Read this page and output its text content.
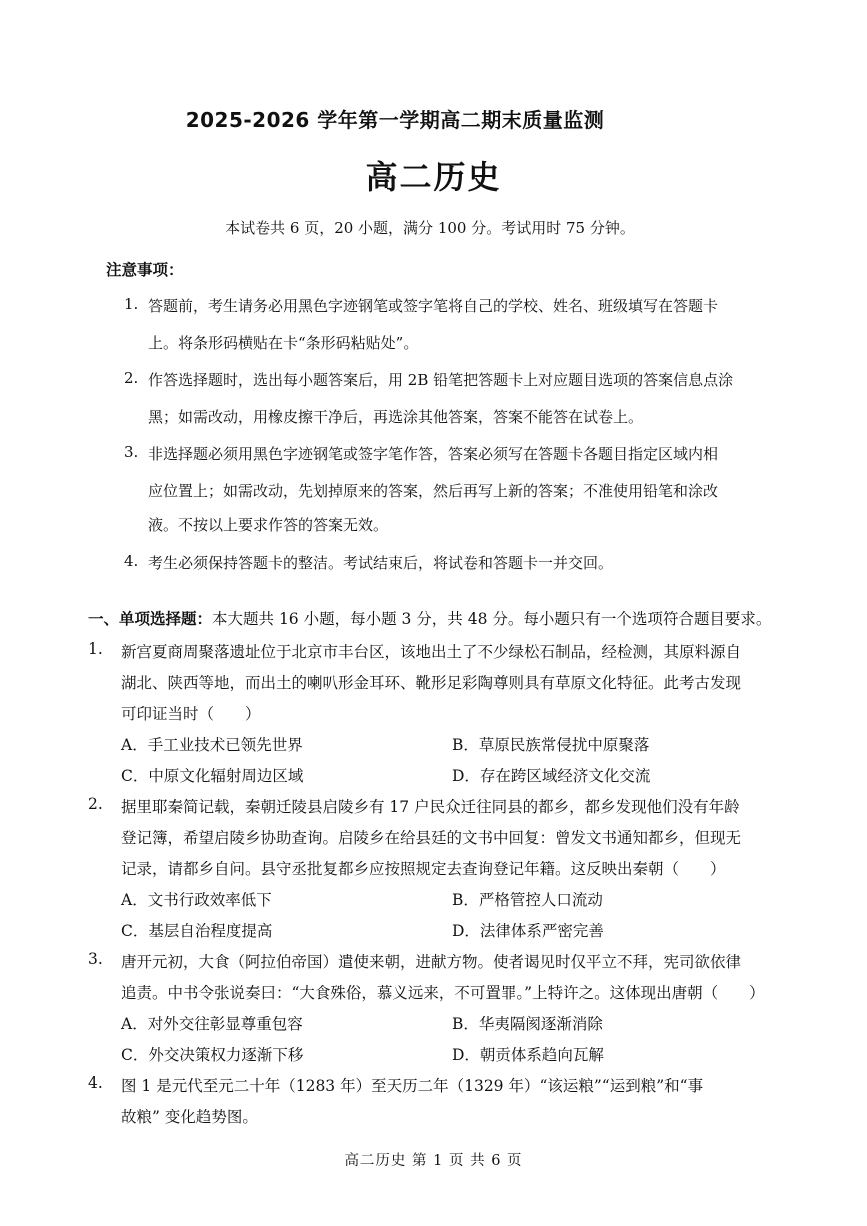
2025-2026 学年第一学期高二期末质量监测
高二历史
本试卷共 6 页，20 小题，满分 100 分。考试用时 75 分钟。
注意事项：
1. 答题前，考生请务必用黑色字迹钢笔或签字笔将自己的学校、姓名、班级填写在答题卡
上。将条形码横贴在卡“条形码粘贴处”。
2. 作答选择题时，选出每小题答案后，用 2B 铅笔把答题卡上对应题目选项的答案信息点涂
黑；如需改动，用橡皮擦干净后，再选涂其他答案，答案不能答在试卷上。
3. 非选择题必须用黑色字迹钢笔或签字笔作答，答案必须写在答题卡各题目指定区域内相
应位置上；如需改动，先划掉原来的答案，然后再写上新的答案；不准使用铅笔和涂改
液。不按以上要求作答的答案无效。
4. 考生必须保持答题卡的整洁。考试结束后，将试卷和答题卡一并交回。
一、单项选择题：本大题共 16 小题，每小题 3 分，共 48 分。每小题只有一个选项符合题目要求。
1. 新宫夏商周聚落遗址位于北京市丰台区，该地出土了不少绿松石制品，经检测，其原料源自
湖北、陕西等地，而出土的喇叭形金耳环、靴形足彩陶尊则具有草原文化特征。此考古发现
可印证当时（　　）
A．手工业技术已领先世界	B．草原民族常侵扰中原聚落
C．中原文化辐射周边区域	D．存在跨区域经济文化交流
2. 据里耶秦简记载，秦朝迁陵县启陵乡有 17 户民众迁往同县的都乡，都乡发现他们没有年龄
登记簿，希望启陵乡协助查询。启陵乡在给县廷的文书中回复：曾发文书通知都乡，但现无
记录，请都乡自问。县守丞批复都乡应按照规定去查询登记年籍。这反映出秦朝（　　）
A．文书行政效率低下	B．严格管控人口流动
C．基层自治程度提高	D．法律体系严密完善
3. 唐开元初，大食（阿拉伯帝国）遣使来朝，进献方物。使者谒见时仅平立不拜，宪司欲依律
追责。中书令张说奏曰：“大食殊俗，慕义远来，不可置罪。”上特许之。这体现出唐朝（　　）
A．对外交往彰显尊重包容	B．华夷隔阂逐渐消除
C．外交决策权力逐渐下移	D．朝贡体系趋向瓦解
4. 图 1 是元代至元二十年（1283 年）至天历二年（1329 年）“该运粮”“运到粮”和“事
故粮” 变化趋势图。
高二历史 第 1 页 共 6 页
